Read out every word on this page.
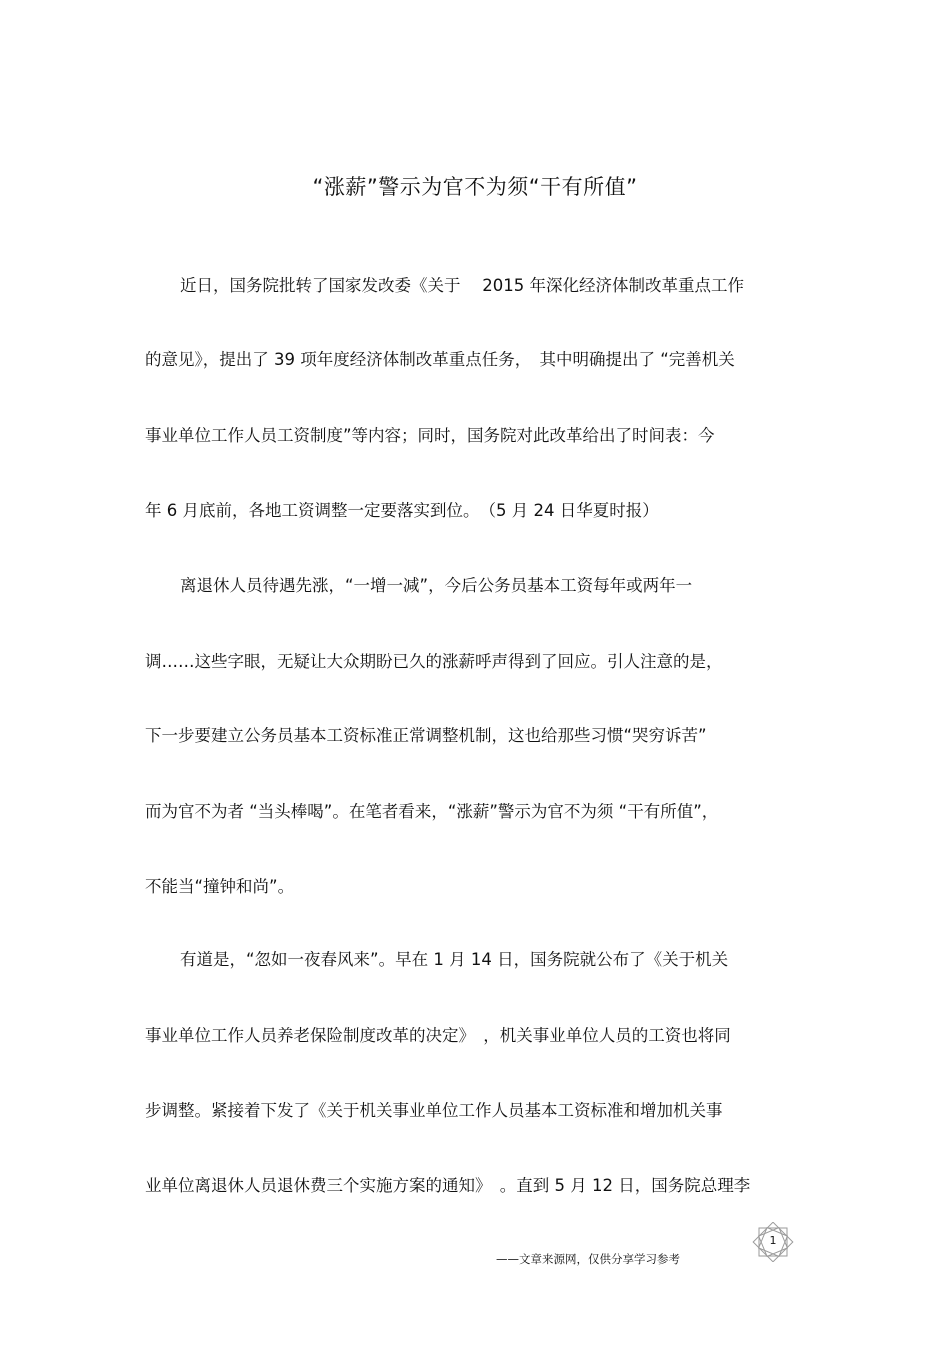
“涨薪”警示为官不为须“干有所值”
近日，国务院批转了国家发改委《关于　 2015 年深化经济体制改革重点工作
的意见》，提出了 39 项年度经济体制改革重点任务，　其中明确提出了 “完善机关
事业单位工作人员工资制度”等内容；同时，国务院对此改革给出了时间表：今
年 6 月底前，各地工资调整一定要落实到位。　（5 月 24 日华夏时报）
离退休人员待遇先涨，“一增一减”，今后公务员基本工资每年或两年一
调……这些字眼，无疑让大众期盼已久的涨薪呼声得到了回应。引人注意的是，
下一步要建立公务员基本工资标准正常调整机制，这也给那些习惯“哭穷诉苦”
而为官不为者 “当头棒喝”。在笔者看来，“涨薪”警示为官不为须 “干有所值”，
不能当“撞钟和尚”。
有道是，“忽如一夜春风来”。早在 1 月 14 日，国务院就公布了《关于机关
事业单位工作人员养老保险制度改革的决定》　，机关事业单位人员的工资也将同
步调整。紧接着下发了《关于机关事业单位工作人员基本工资标准和增加机关事
业单位离退休人员退休费三个实施方案的通知》　。直到 5 月 12 日，国务院总理李
——文章来源网，仅供分享学习参考
1
